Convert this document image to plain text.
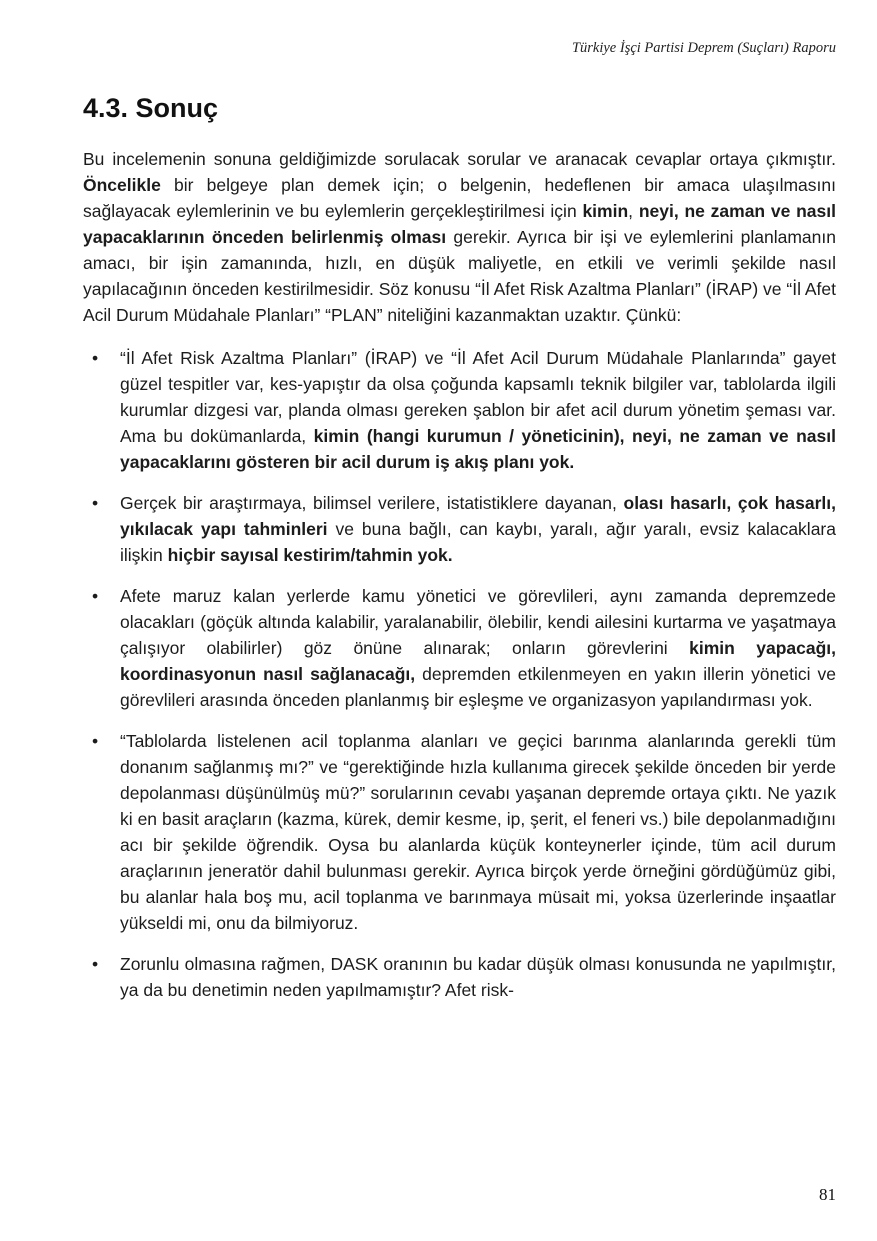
Türkiye İşçi Partisi Deprem (Suçları) Raporu
4.3. Sonuç

Bu incelemenin sonuna geldiğimizde sorulacak sorular ve aranacak cevaplar ortaya çıkmıştır. Öncelikle bir belgeye plan demek için; o belgenin, hedeflenen bir amaca ulaşılmasını sağlayacak eylemlerinin ve bu eylemlerin gerçekleştirilmesi için kimin, neyi, ne zaman ve nasıl yapacaklarının önceden belirlenmiş olması gerekir. Ayrıca bir işi ve eylemlerini planlamanın amacı, bir işin zamanında, hızlı, en düşük maliyetle, en etkili ve verimli şekilde nasıl yapılacağının önceden kestirilmesidir. Söz konusu “İl Afet Risk Azaltma Planları” (İRAP) ve “İl Afet Acil Durum Müdahale Planları” “PLAN” niteliğini kazanmaktan uzaktır. Çünkü:

• “İl Afet Risk Azaltma Planları” (İRAP) ve “İl Afet Acil Durum Müdahale Planlarında” gayet güzel tespitler var, kes-yapıştır da olsa çoğunda kapsamlı teknik bilgiler var, tablolarda ilgili kurumlar dizgesi var, planda olması gereken şablon bir afet acil durum yönetim şeması var. Ama bu dokümanlarda, kimin (hangi kurumun / yöneticinin), neyi, ne zaman ve nasıl yapacaklarını gösteren bir acil durum iş akış planı yok.

• Gerçek bir araştırmaya, bilimsel verilere, istatistiklere dayanan, olası hasarlı, çok hasarlı, yıkılacak yapı tahminleri ve buna bağlı, can kaybı, yaralı, ağır yaralı, evsiz kalacaklara ilişkin hiçbir sayısal kestirim/tahmin yok.

• Afete maruz kalan yerlerde kamu yönetici ve görevlileri, aynı zamanda depremzede olacakları (göçük altında kalabilir, yaralanabilir, ölebilir, kendi ailesini kurtarma ve yaşatmaya çalışıyor olabilirler) göz önüne alınarak; onların görevlerini kimin yapacağı, koordinasyonun nasıl sağlanacağı, depremden etkilenmeyen en yakın illerin yönetici ve görevlileri arasında önceden planlanmış bir eşleşme ve organizasyon yapılandırması yok.

• “Tablolarda listelenen acil toplanma alanları ve geçici barınma alanlarında gerekli tüm donanım sağlanmış mı?” ve “gerektiğinde hızla kullanıma girecek şekilde önceden bir yerde depolanması düşünülmüş mü?” sorularının cevabı yaşanan depremde ortaya çıktı. Ne yazık ki en basit araçların (kazma, kürek, demir kesme, ip, şerit, el feneri vs.) bile depolanmadığını acı bir şekilde öğrendik. Oysa bu alanlarda küçük konteynerler içinde, tüm acil durum araçlarının jeneratör dahil bulunması gerekir. Ayrıca birçok yerde örneğini gördüğümüz gibi, bu alanlar hala boş mu, acil toplanma ve barınmaya müsait mi, yoksa üzerlerinde inşaatlar yükseldi mi, onu da bilmiyoruz.

• Zorunlu olmasına rağmen, DASK oranının bu kadar düşük olması konusunda ne yapılmıştır, ya da bu denetimin neden yapılmamıştır? Afet risk-

81
